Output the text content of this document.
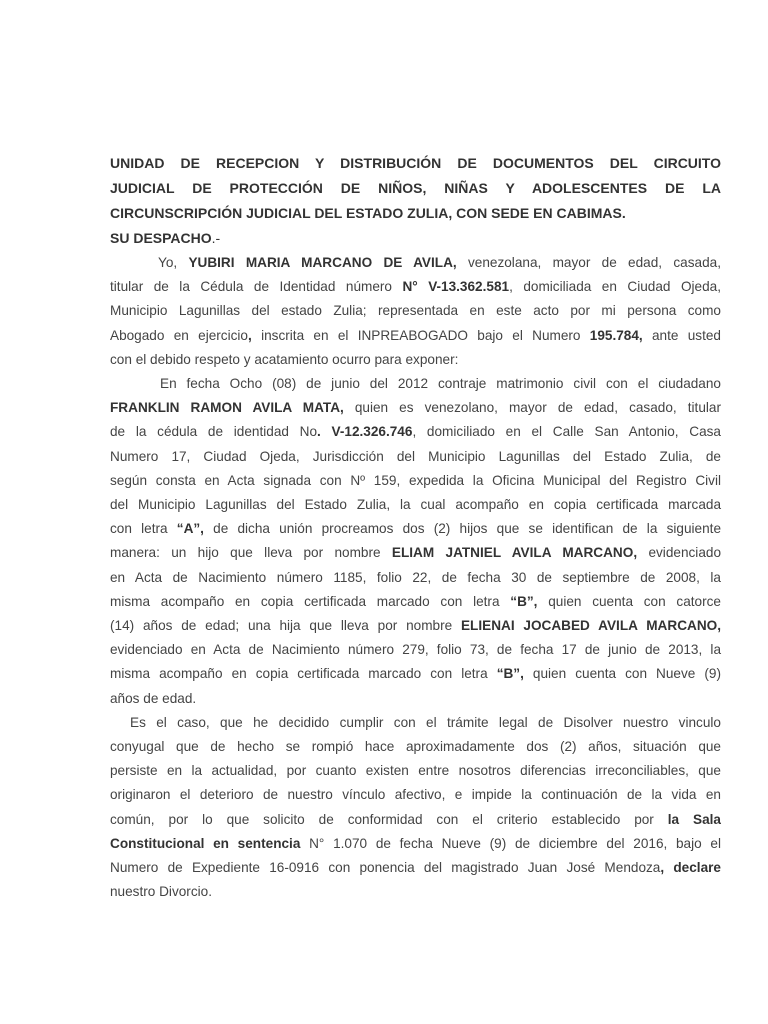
UNIDAD DE RECEPCION Y DISTRIBUCIÓN DE DOCUMENTOS DEL CIRCUITO

JUDICIAL DE PROTECCIÓN DE NIÑOS, NIÑAS Y ADOLESCENTES DE LA

CIRCUNSCRIPCIÓN JUDICIAL DEL ESTADO ZULIA, CON SEDE EN CABIMAS.

SU DESPACHO.-

Yo, YUBIRI MARIA MARCANO DE AVILA, venezolana, mayor de edad, casada,
titular de la Cédula de Identidad número N° V-13.362.581, domiciliada en Ciudad Ojeda,
Municipio Lagunillas del estado Zulia; representada en este acto por mi persona como
Abogado en ejercicio, inscrita en el INPREABOGADO bajo el Numero 195.784, ante usted
con el debido respeto y acatamiento ocurro para exponer:

En fecha Ocho (08) de junio del 2012 contraje matrimonio civil con el ciudadano
FRANKLIN RAMON AVILA MATA, quien es venezolano, mayor de edad, casado, titular
de la cédula de identidad No. V-12.326.746, domiciliado en el Calle San Antonio, Casa
Numero 17, Ciudad Ojeda, Jurisdicción del Municipio Lagunillas del Estado Zulia, de
según consta en Acta signada con Nº 159, expedida la Oficina Municipal del Registro Civil
del Municipio Lagunillas del Estado Zulia, la cual acompaño en copia certificada marcada
con letra “A”, de dicha unión procreamos dos (2) hijos que se identifican de la siguiente
manera: un hijo que lleva por nombre ELIAM JATNIEL AVILA MARCANO, evidenciado
en Acta de Nacimiento número 1185, folio 22, de fecha 30 de septiembre de 2008, la
misma acompaño en copia certificada marcado con letra “B”, quien cuenta con catorce
(14) años de edad; una hija que lleva por nombre ELIENAI JOCABED AVILA MARCANO,
evidenciado en Acta de Nacimiento número 279, folio 73, de fecha 17 de junio de 2013, la
misma acompaño en copia certificada marcado con letra “B”, quien cuenta con Nueve (9)
años de edad.

Es el caso, que he decidido cumplir con el trámite legal de Disolver nuestro vinculo
conyugal que de hecho se rompió hace aproximadamente dos (2) años, situación que
persiste en la actualidad, por cuanto existen entre nosotros diferencias irreconciliables, que
originaron el deterioro de nuestro vínculo afectivo, e impide la continuación de la vida en
común, por lo que solicito de conformidad con el criterio establecido por la Sala
Constitucional en sentencia N° 1.070 de fecha Nueve (9) de diciembre del 2016, bajo el
Numero de Expediente 16-0916 con ponencia del magistrado Juan José Mendoza, declare
nuestro Divorcio.
